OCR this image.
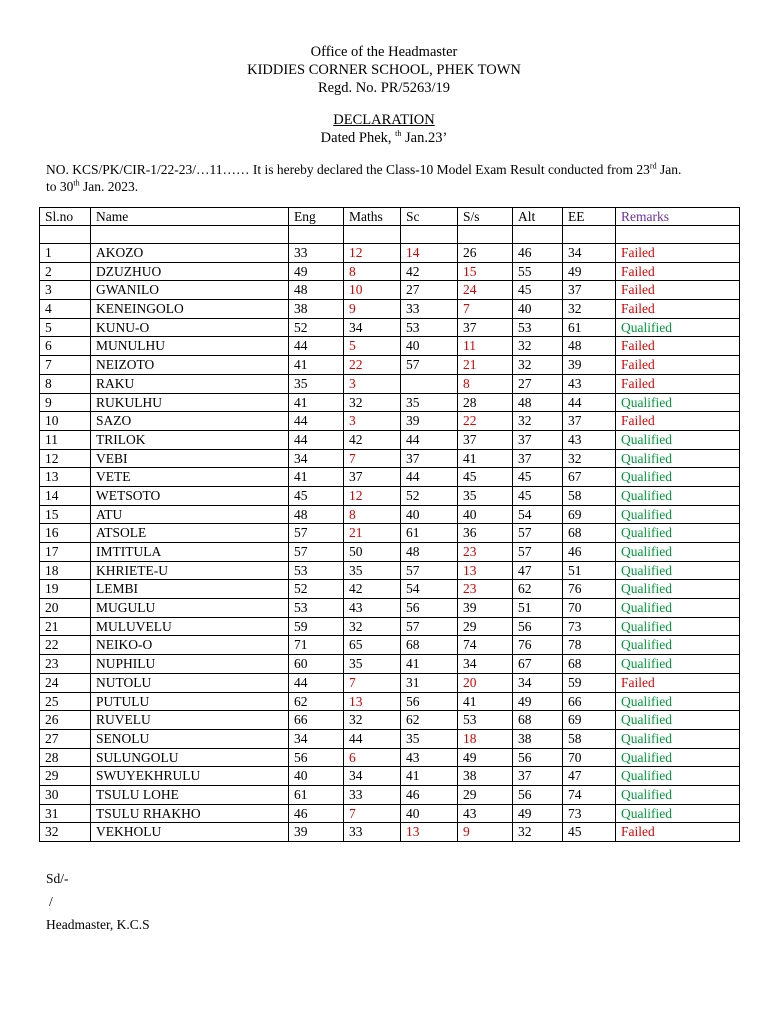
Office of the Headmaster
KIDDIES CORNER SCHOOL, PHEK TOWN
Regd. No. PR/5263/19
DECLARATION
Dated Phek, $^{th}$ Jan.23’
NO. KCS/PK/CIR-1/22-23/…11…… It is hereby declared the Class-10 Model Exam Result conducted from 23rd Jan.
to 30th Jan. 2023.
Sl.no	Name	Eng	Maths	Sc	S/s	Alt	EE	Remarks

1	AKOZO	33	12	14	26	46	34	Failed
2	DZUZHUO	49	8	42	15	55	49	Failed
3	GWANILO	48	10	27	24	45	37	Failed
4	KENEINGOLO	38	9	33	7	40	32	Failed
5	KUNU-O	52	34	53	37	53	61	Qualified
6	MUNULHU	44	5	40	11	32	48	Failed
7	NEIZOTO	41	22	57	21	32	39	Failed
8	RAKU	35	3		8	27	43	Failed
9	RUKULHU	41	32	35	28	48	44	Qualified
10	SAZO	44	3	39	22	32	37	Failed
11	TRILOK	44	42	44	37	37	43	Qualified
12	VEBI	34	7	37	41	37	32	Qualified
13	VETE	41	37	44	45	45	67	Qualified
14	WETSOTO	45	12	52	35	45	58	Qualified
15	ATU	48	8	40	40	54	69	Qualified
16	ATSOLE	57	21	61	36	57	68	Qualified
17	IMTITULA	57	50	48	23	57	46	Qualified
18	KHRIETE-U	53	35	57	13	47	51	Qualified
19	LEMBI	52	42	54	23	62	76	Qualified
20	MUGULU	53	43	56	39	51	70	Qualified
21	MULUVELU	59	32	57	29	56	73	Qualified
22	NEIKO-O	71	65	68	74	76	78	Qualified
23	NUPHILU	60	35	41	34	67	68	Qualified
24	NUTOLU	44	7	31	20	34	59	Failed
25	PUTULU	62	13	56	41	49	66	Qualified
26	RUVELU	66	32	62	53	68	69	Qualified
27	SENOLU	34	44	35	18	38	58	Qualified
28	SULUNGOLU	56	6	43	49	56	70	Qualified
29	SWUYEKHRULU	40	34	41	38	37	47	Qualified
30	TSULU LOHE	61	33	46	29	56	74	Qualified
31	TSULU RHAKHO	46	7	40	43	49	73	Qualified
32	VEKHOLU	39	33	13	9	32	45	Failed
Sd/-
/
Headmaster, K.C.S
